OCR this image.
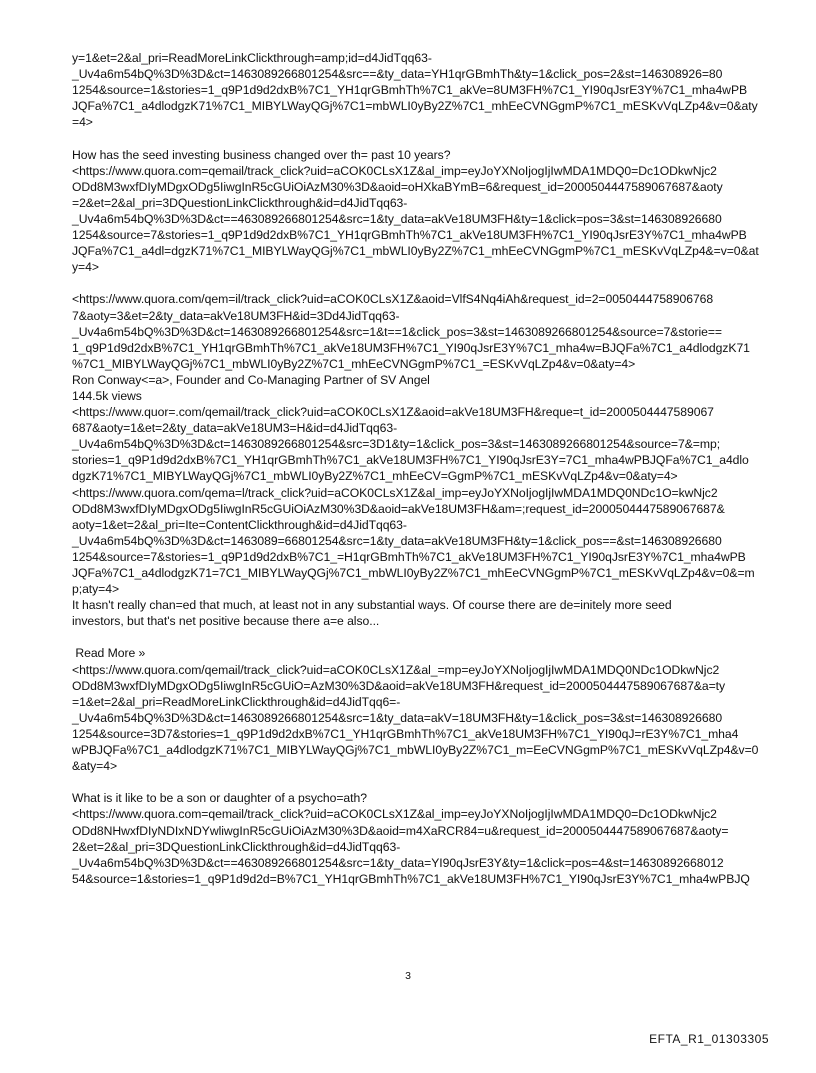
y=1&et=2&al_pri=ReadMoreLinkClickthrough=amp;id=d4JidTqq63-
_Uv4a6m54bQ%3D%3D&ct=1463089266801254&src==&ty_data=YH1qrGBmhTh&ty=1&click_pos=2&st=146308926=80
1254&source=1&stories=1_q9P1d9d2dxB%7C1_YH1qrGBmhTh%7C1_akVe=8UM3FH%7C1_YI90qJsrE3Y%7C1_mha4wPB
JQFa%7C1_a4dlodgzK71%7C1_MIBYLWayQGj%7C1=mbWLI0yBy2Z%7C1_mhEeCVNGgmP%7C1_mESKvVqLZp4&v=0&aty
=4>
How has the seed investing business changed over th= past 10 years?
<https://www.quora.com=qemail/track_click?uid=aCOK0CLsX1Z&al_imp=eyJoYXNoIjogIjIwMDA1MDQ0=Dc1ODkwNjc2
ODd8M3wxfDIyMDgxODg5IiwgInR5cGUiOiAzM30%3D&aoid=oHXkaBYmB=6&request_id=2000504447589067687&aoty
=2&et=2&al_pri=3DQuestionLinkClickthrough&id=d4JidTqq63-
_Uv4a6m54bQ%3D%3D&ct==463089266801254&src=1&ty_data=akVe18UM3FH&ty=1&click=pos=3&st=146308926680
1254&source=7&stories=1_q9P1d9d2dxB%7C1_YH1qrGBmhTh%7C1_akVe18UM3FH%7C1_YI90qJsrE3Y%7C1_mha4wPB
JQFa%7C1_a4dl=dgzK71%7C1_MIBYLWayQGj%7C1_mbWLI0yBy2Z%7C1_mhEeCVNGgmP%7C1_mESKvVqLZp4&=v=0&at
y=4>
<https://www.quora.com/qem=il/track_click?uid=aCOK0CLsX1Z&aoid=VlfS4Nq4iAh&request_id=2=0050444758906768
7&aoty=3&et=2&ty_data=akVe18UM3FH&id=3Dd4JidTqq63-
_Uv4a6m54bQ%3D%3D&ct=1463089266801254&src=1&t==1&click_pos=3&st=1463089266801254&source=7&storie==
1_q9P1d9d2dxB%7C1_YH1qrGBmhTh%7C1_akVe18UM3FH%7C1_YI90qJsrE3Y%7C1_mha4w=BJQFa%7C1_a4dlodgzK71
%7C1_MIBYLWayQGj%7C1_mbWLI0yBy2Z%7C1_mhEeCVNGgmP%7C1_=ESKvVqLZp4&v=0&aty=4>
Ron Conway<=a>, Founder and Co-Managing Partner of SV Angel
144.5k views
<https://www.quor=.com/qemail/track_click?uid=aCOK0CLsX1Z&aoid=akVe18UM3FH&reque=t_id=2000504447589067
687&aoty=1&et=2&ty_data=akVe18UM3=H&id=d4JidTqq63-
_Uv4a6m54bQ%3D%3D&ct=1463089266801254&src=3D1&ty=1&click_pos=3&st=1463089266801254&source=7&=mp;
stories=1_q9P1d9d2dxB%7C1_YH1qrGBmhTh%7C1_akVe18UM3FH%7C1_YI90qJsrE3Y=7C1_mha4wPBJQFa%7C1_a4dlo
dgzK71%7C1_MIBYLWayQGj%7C1_mbWLI0yBy2Z%7C1_mhEeCV=GgmP%7C1_mESKvVqLZp4&v=0&aty=4>
<https://www.quora.com/qema=l/track_click?uid=aCOK0CLsX1Z&al_imp=eyJoYXNoIjogIjIwMDA1MDQ0NDc1O=kwNjc2
ODd8M3wxfDIyMDgxODg5IiwgInR5cGUiOiAzM30%3D&aoid=akVe18UM3FH&am=;request_id=2000504447589067687&
aoty=1&et=2&al_pri=Ite=ContentClickthrough&id=d4JidTqq63-
_Uv4a6m54bQ%3D%3D&ct=1463089=66801254&src=1&ty_data=akVe18UM3FH&ty=1&click_pos==&st=146308926680
1254&source=7&stories=1_q9P1d9d2dxB%7C1_=H1qrGBmhTh%7C1_akVe18UM3FH%7C1_YI90qJsrE3Y%7C1_mha4wPB
JQFa%7C1_a4dlodgzK71=7C1_MIBYLWayQGj%7C1_mbWLI0yBy2Z%7C1_mhEeCVNGgmP%7C1_mESKvVqLZp4&v=0&=m
p;aty=4>
It hasn't really chan=ed that much, at least not in any substantial ways. Of course there are de=initely more seed
investors, but that's net positive because there a=e also...
Read More »
<https://www.quora.com/qemail/track_click?uid=aCOK0CLsX1Z&al_=mp=eyJoYXNoIjogIjIwMDA1MDQ0NDc1ODkwNjc2
ODd8M3wxfDIyMDgxODg5IiwgInR5cGUiO=AzM30%3D&aoid=akVe18UM3FH&request_id=2000504447589067687&a=ty
=1&et=2&al_pri=ReadMoreLinkClickthrough&id=d4JidTqq6=-
_Uv4a6m54bQ%3D%3D&ct=1463089266801254&src=1&ty_data=akV=18UM3FH&ty=1&click_pos=3&st=146308926680
1254&source=3D7&stories=1_q9P1d9d2dxB%7C1_YH1qrGBmhTh%7C1_akVe18UM3FH%7C1_YI90qJ=rE3Y%7C1_mha4
wPBJQFa%7C1_a4dlodgzK71%7C1_MIBYLWayQGj%7C1_mbWLI0yBy2Z%7C1_m=EeCVNGgmP%7C1_mESKvVqLZp4&v=0
&aty=4>
What is it like to be a son or daughter of a psycho=ath?
<https://www.quora.com=qemail/track_click?uid=aCOK0CLsX1Z&al_imp=eyJoYXNoIjogIjIwMDA1MDQ0=Dc1ODkwNjc2
ODd8NHwxfDIyNDIxNDYwliwgInR5cGUiOiAzM30%3D&aoid=m4XaRCR84=u&request_id=2000504447589067687&aoty=
2&et=2&al_pri=3DQuestionLinkClickthrough&id=d4JidTqq63-
_Uv4a6m54bQ%3D%3D&ct==463089266801254&src=1&ty_data=YI90qJsrE3Y&ty=1&click=pos=4&st=14630892668012
54&source=1&stories=1_q9P1d9d2d=B%7C1_YH1qrGBmhTh%7C1_akVe18UM3FH%7C1_YI90qJsrE3Y%7C1_mha4wPBJQ
3
EFTA_R1_01303305
